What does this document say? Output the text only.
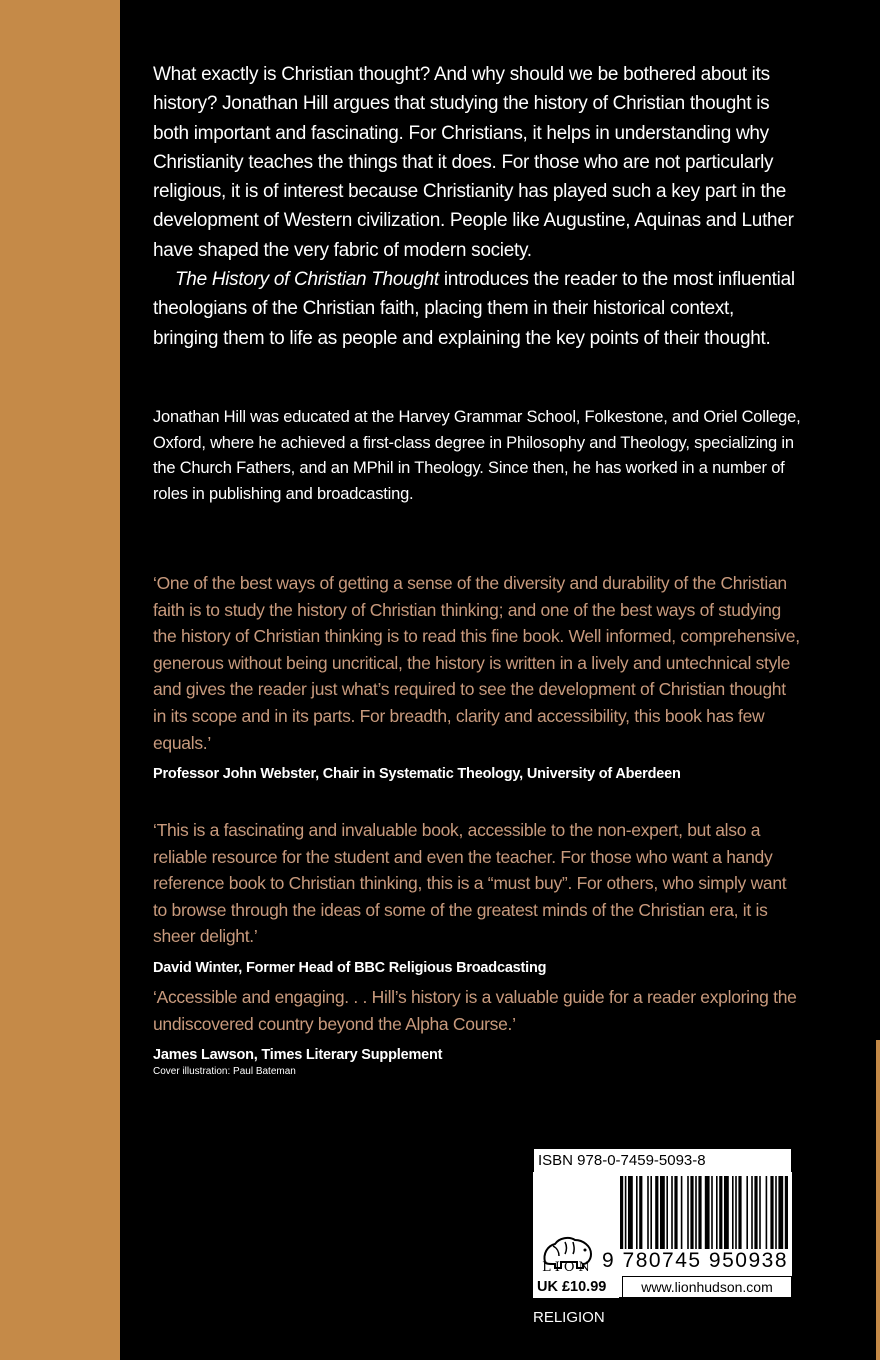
What exactly is Christian thought? And why should we be bothered about its history? Jonathan Hill argues that studying the history of Christian thought is both important and fascinating. For Christians, it helps in understanding why Christianity teaches the things that it does. For those who are not particularly religious, it is of interest because Christianity has played such a key part in the development of Western civilization. People like Augustine, Aquinas and Luther have shaped the very fabric of modern society.

The History of Christian Thought introduces the reader to the most influential theologians of the Christian faith, placing them in their historical context, bringing them to life as people and explaining the key points of their thought.

Jonathan Hill was educated at the Harvey Grammar School, Folkestone, and Oriel College, Oxford, where he achieved a first-class degree in Philosophy and Theology, specializing in the Church Fathers, and an MPhil in Theology. Since then, he has worked in a number of roles in publishing and broadcasting.

‘One of the best ways of getting a sense of the diversity and durability of the Christian faith is to study the history of Christian thinking; and one of the best ways of studying the history of Christian thinking is to read this fine book. Well informed, comprehensive, generous without being uncritical, the history is written in a lively and untechnical style and gives the reader just what’s required to see the development of Christian thought in its scope and in its parts. For breadth, clarity and accessibility, this book has few equals.’

Professor John Webster, Chair in Systematic Theology, University of Aberdeen

‘This is a fascinating and invaluable book, accessible to the non-expert, but also a reliable resource for the student and even the teacher. For those who want a handy reference book to Christian thinking, this is a “must buy”. For others, who simply want to browse through the ideas of some of the greatest minds of the Christian era, it is sheer delight.’

David Winter, Former Head of BBC Religious Broadcasting

‘Accessible and engaging. . . Hill’s history is a valuable guide for a reader exploring the undiscovered country beyond the Alpha Course.’

James Lawson, Times Literary Supplement

Cover illustration: Paul Bateman

ISBN 978-0-7459-5093-8
LION 9 780745 950938
UK £10.99	www.lionhudson.com
RELIGION
